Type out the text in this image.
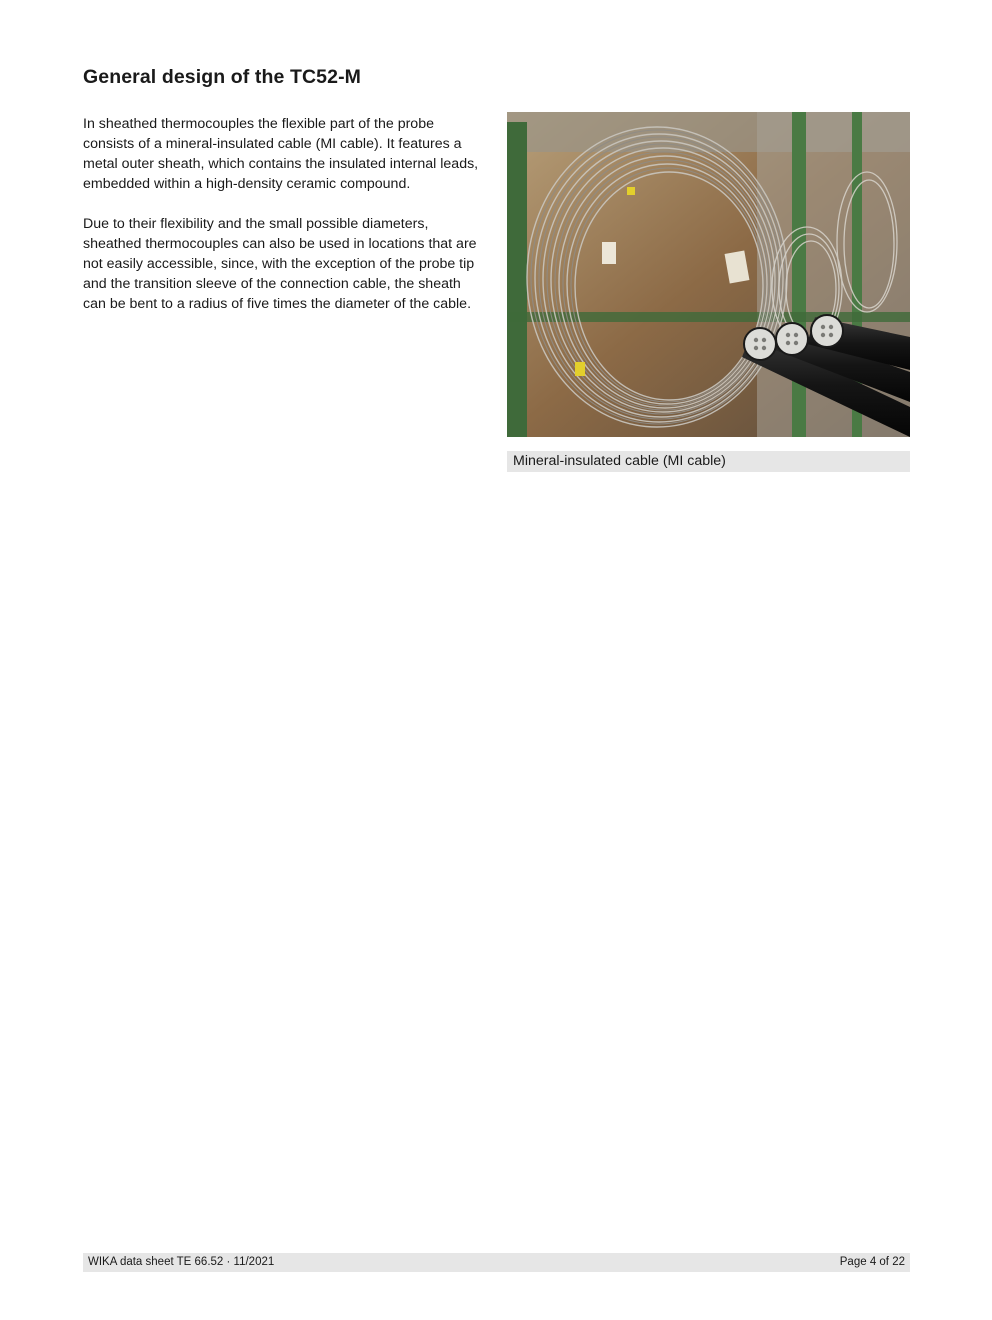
General design of the TC52-M

In sheathed thermocouples the flexible part of the probe consists of a mineral-insulated cable (MI cable). It features a metal outer sheath, which contains the insulated internal leads, embedded within a high-density ceramic compound.

Due to their flexibility and the small possible diameters, sheathed thermocouples can also be used in locations that are not easily accessible, since, with the exception of the probe tip and the transition sleeve of the connection cable, the sheath can be bent to a radius of five times the diameter of the cable.

Mineral-insulated cable (MI cable)
WIKA data sheet TE 66.52 · 11/2021	Page 4 of 22
